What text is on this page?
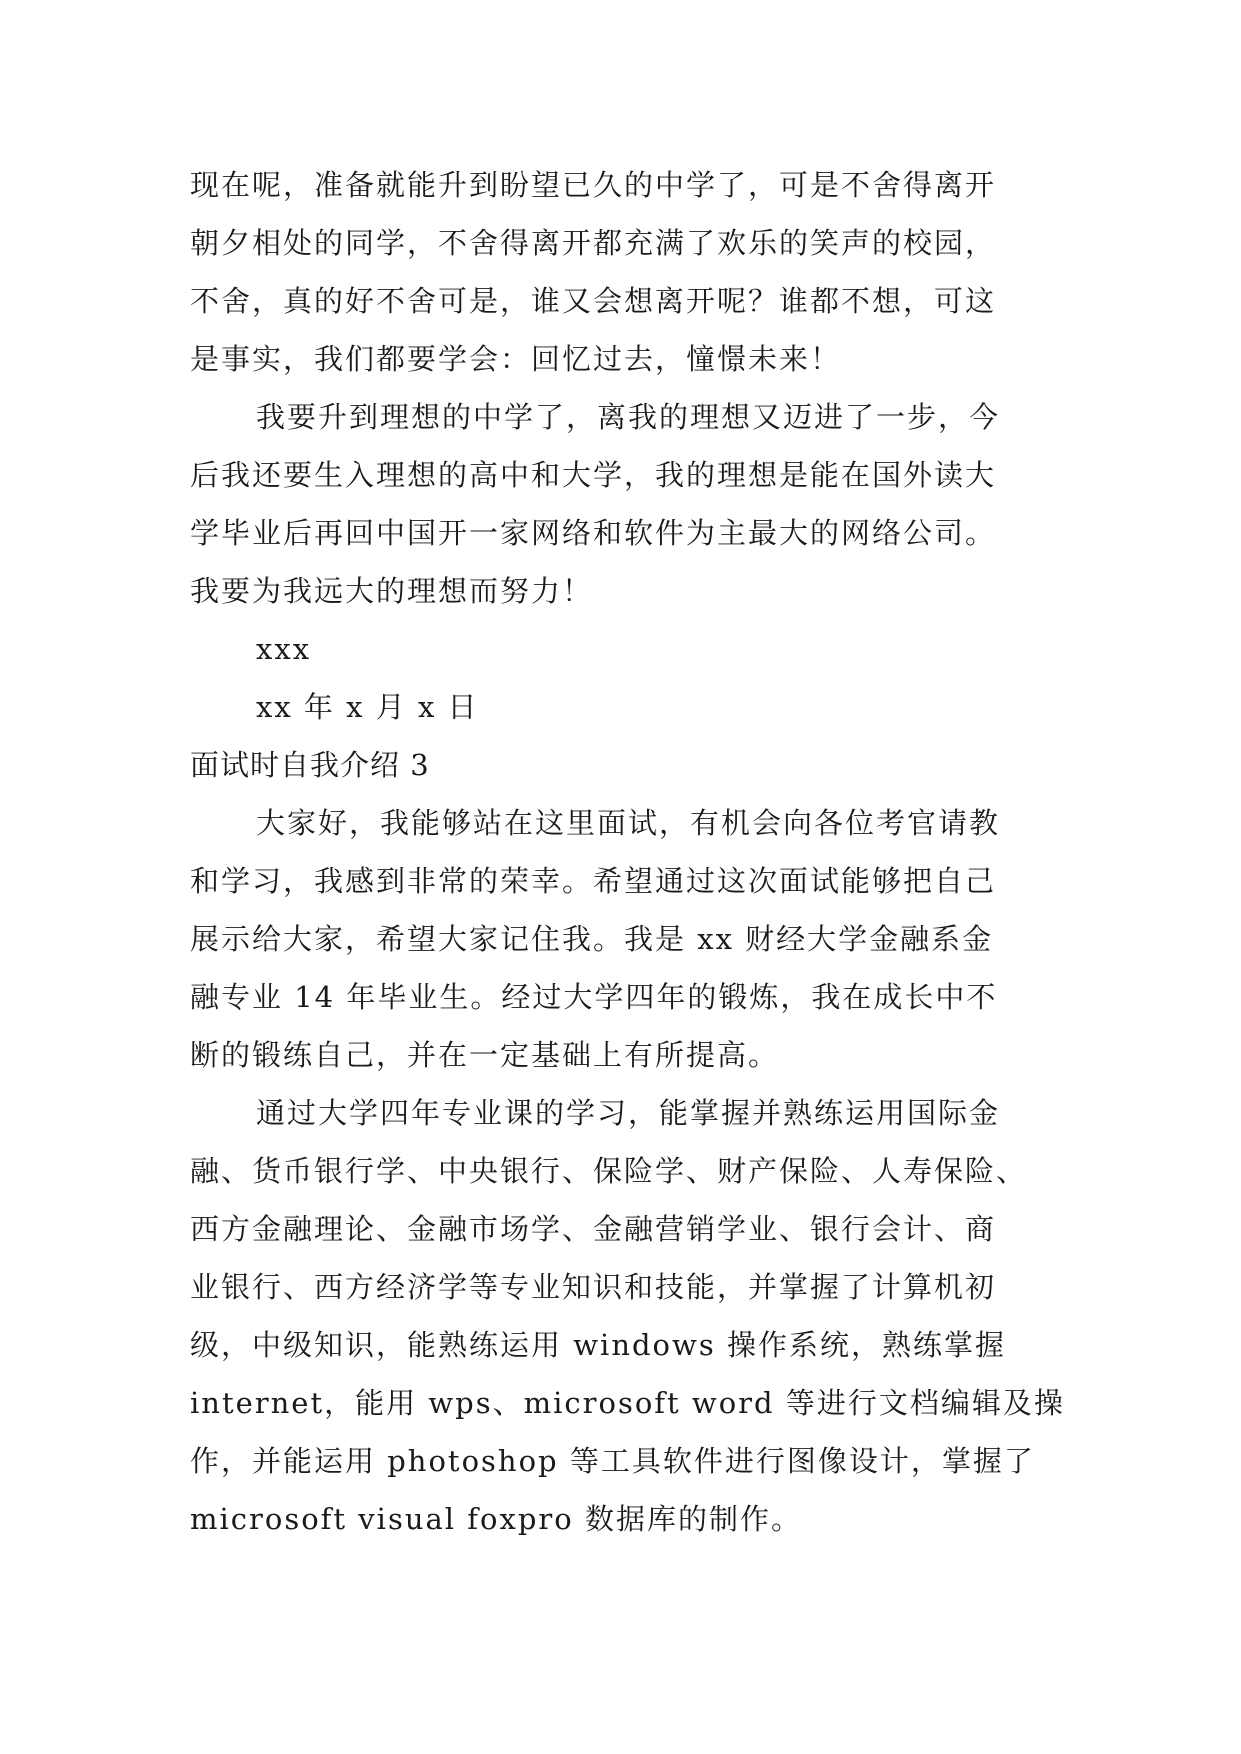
现在呢，准备就能升到盼望已久的中学了，可是不舍得离开
朝夕相处的同学，不舍得离开都充满了欢乐的笑声的校园，
不舍，真的好不舍可是，谁又会想离开呢？谁都不想，可这
是事实，我们都要学会：回忆过去，憧憬未来！
我要升到理想的中学了，离我的理想又迈进了一步，今
后我还要生入理想的高中和大学，我的理想是能在国外读大
学毕业后再回中国开一家网络和软件为主最大的网络公司。
我要为我远大的理想而努力！
xxx
xx 年 x 月 x 日
面试时自我介绍 3
大家好，我能够站在这里面试，有机会向各位考官请教
和学习，我感到非常的荣幸。希望通过这次面试能够把自己
展示给大家，希望大家记住我。我是 xx 财经大学金融系金
融专业 14 年毕业生。经过大学四年的锻炼，我在成长中不
断的锻练自己，并在一定基础上有所提高。
通过大学四年专业课的学习，能掌握并熟练运用国际金
融、货币银行学、中央银行、保险学、财产保险、人寿保险、
西方金融理论、金融市场学、金融营销学业、银行会计、商
业银行、西方经济学等专业知识和技能，并掌握了计算机初
级，中级知识，能熟练运用 windows 操作系统，熟练掌握
internet，能用 wps、microsoft word 等进行文档编辑及操
作，并能运用 photoshop 等工具软件进行图像设计，掌握了
microsoft visual foxpro 数据库的制作。
